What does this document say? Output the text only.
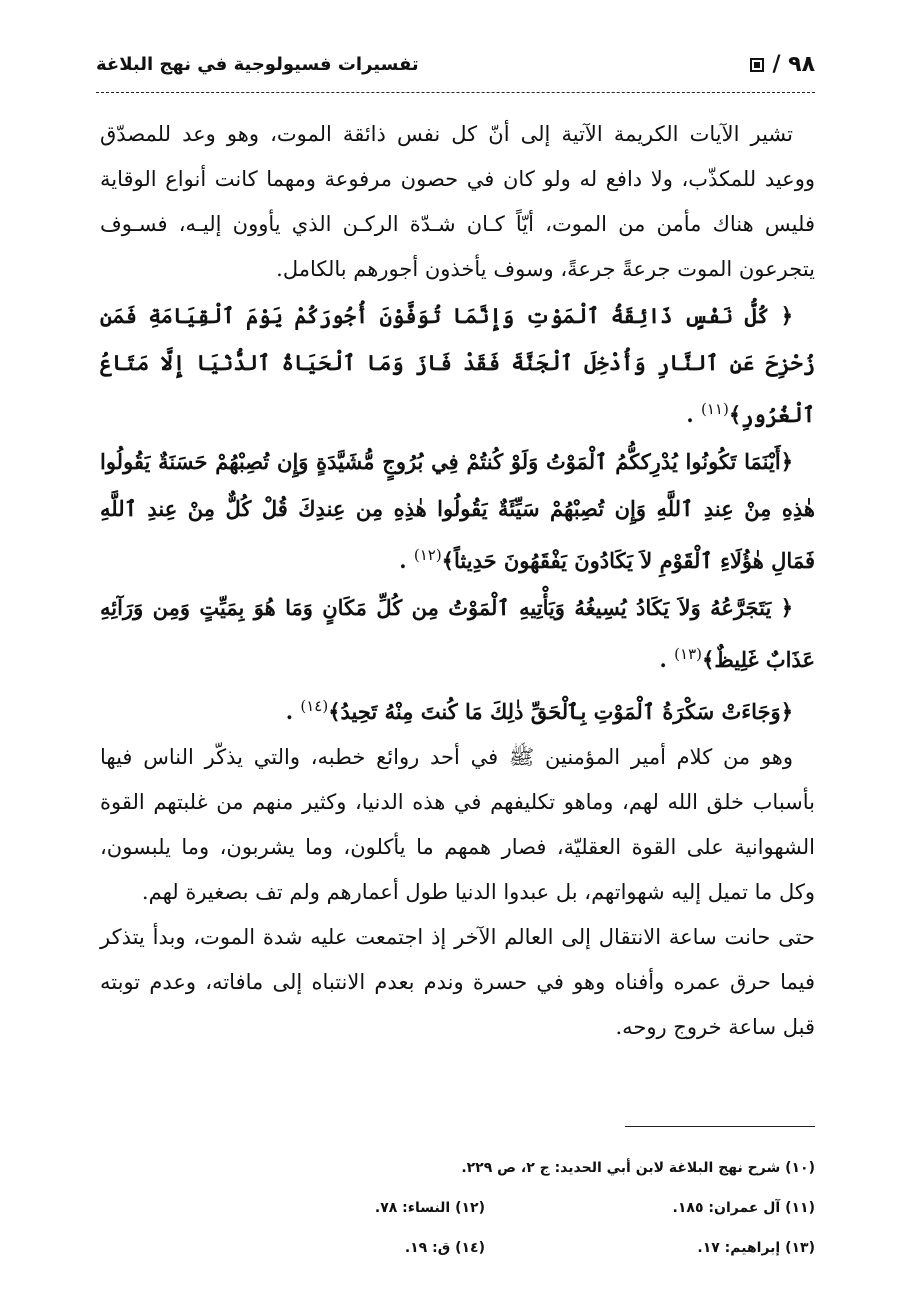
٩٨ /
تفسيرات فسيولوجية في نهج البلاغة

تشير الآيات الكريمة الآتية إلى أنّ كل نفس ذائقة الموت، وهو وعد للمصدّق ووعيد للمكذّب، ولا دافع له ولو كان في حصون مرفوعة ومهما كانت أنواع الوقاية فليس هناك مأمن من الموت، أيّاً كـان شـدّة الركـن الذي يأوون إليـه، فسـوف يتجرعون الموت جرعةً جرعةً، وسوف يأخذون أجورهم بالكامل.

﴿ كُلُّ نَفْسٍ ذَائِقَةُ ٱلْمَوْتِ وَإِنَّمَا تُوَفَّوْنَ أُجُورَكُمْ يَوْمَ ٱلْقِيَامَةِ فَمَن زُحْزِحَ عَنِ ٱلنَّارِ وَأُدْخِلَ ٱلْجَنَّةَ فَقَدْ فَازَ وَمَا ٱلْحَيَاةُ ٱلدُّنْيَا إِلَّا مَتَاعُ ٱلْغُرُورِ﴾$^{(١١)}$ .

﴿أَيْنَمَا تَكُونُوا يُدْرِككُّمُ ٱلْمَوْتُ وَلَوْ كُنتُمْ فِي بُرُوجٍ مُّشَيَّدَةٍ وَإِن تُصِبْهُمْ حَسَنَةٌ يَقُولُوا هٰذِهِ مِنْ عِندِ ٱللَّهِ وَإِن تُصِبْهُمْ سَيِّئَةٌ يَقُولُوا هٰذِهِ مِن عِندِكَ قُلْ كُلٌّ مِنْ عِندِ ٱللَّهِ فَمَالِ هٰؤُلَاءِ ٱلْقَوْمِ لاَ يَكَادُونَ يَفْقَهُونَ حَدِيثاً﴾$^{(١٢)}$ .

﴿ يَتَجَرَّعُهُ وَلاَ يَكَادُ يُسِيغُهُ وَيَأْتِيهِ ٱلْمَوْتُ مِن كُلِّ مَكَانٍ وَمَا هُوَ بِمَيِّتٍ وَمِن وَرَآئِهِ عَذَابٌ غَلِيظٌ﴾$^{(١٣)}$ .

﴿وَجَاءَتْ سَكْرَةُ ٱلْمَوْتِ بِٱلْحَقِّ ذٰلِكَ مَا كُنتَ مِنْهُ تَحِيدُ﴾$^{(١٤)}$ .

وهو من كلام أمير المؤمنين ﷺ في أحد روائع خطبه، والتي يذكّر الناس فيها بأسباب خلق الله لهم، وماهو تكليفهم في هذه الدنيا، وكثير منهم من غلبتهم القوة الشهوانية على القوة العقليّة، فصار همهم ما يأكلون، وما يشربون، وما يلبسون، وكل ما تميل إليه شهواتهم، بل عبدوا الدنيا طول أعمارهم ولم تف بصغيرة لهم.

حتى حانت ساعة الانتقال إلى العالم الآخر إذ اجتمعت عليه شدة الموت، وبدأ يتذكر فيما حرق عمره وأفناه وهو في حسرة وندم بعدم الانتباه إلى مافاته، وعدم توبته قبل ساعة خروج روحه.

(١٠) شرح نهج البلاغة لابن أبي الحديد: ج ٢، ص ٢٢٩.
(١١) آل عمران: ١٨٥.
(١٢) النساء: ٧٨.
(١٣) إبراهيم: ١٧.
(١٤) ق: ١٩.
